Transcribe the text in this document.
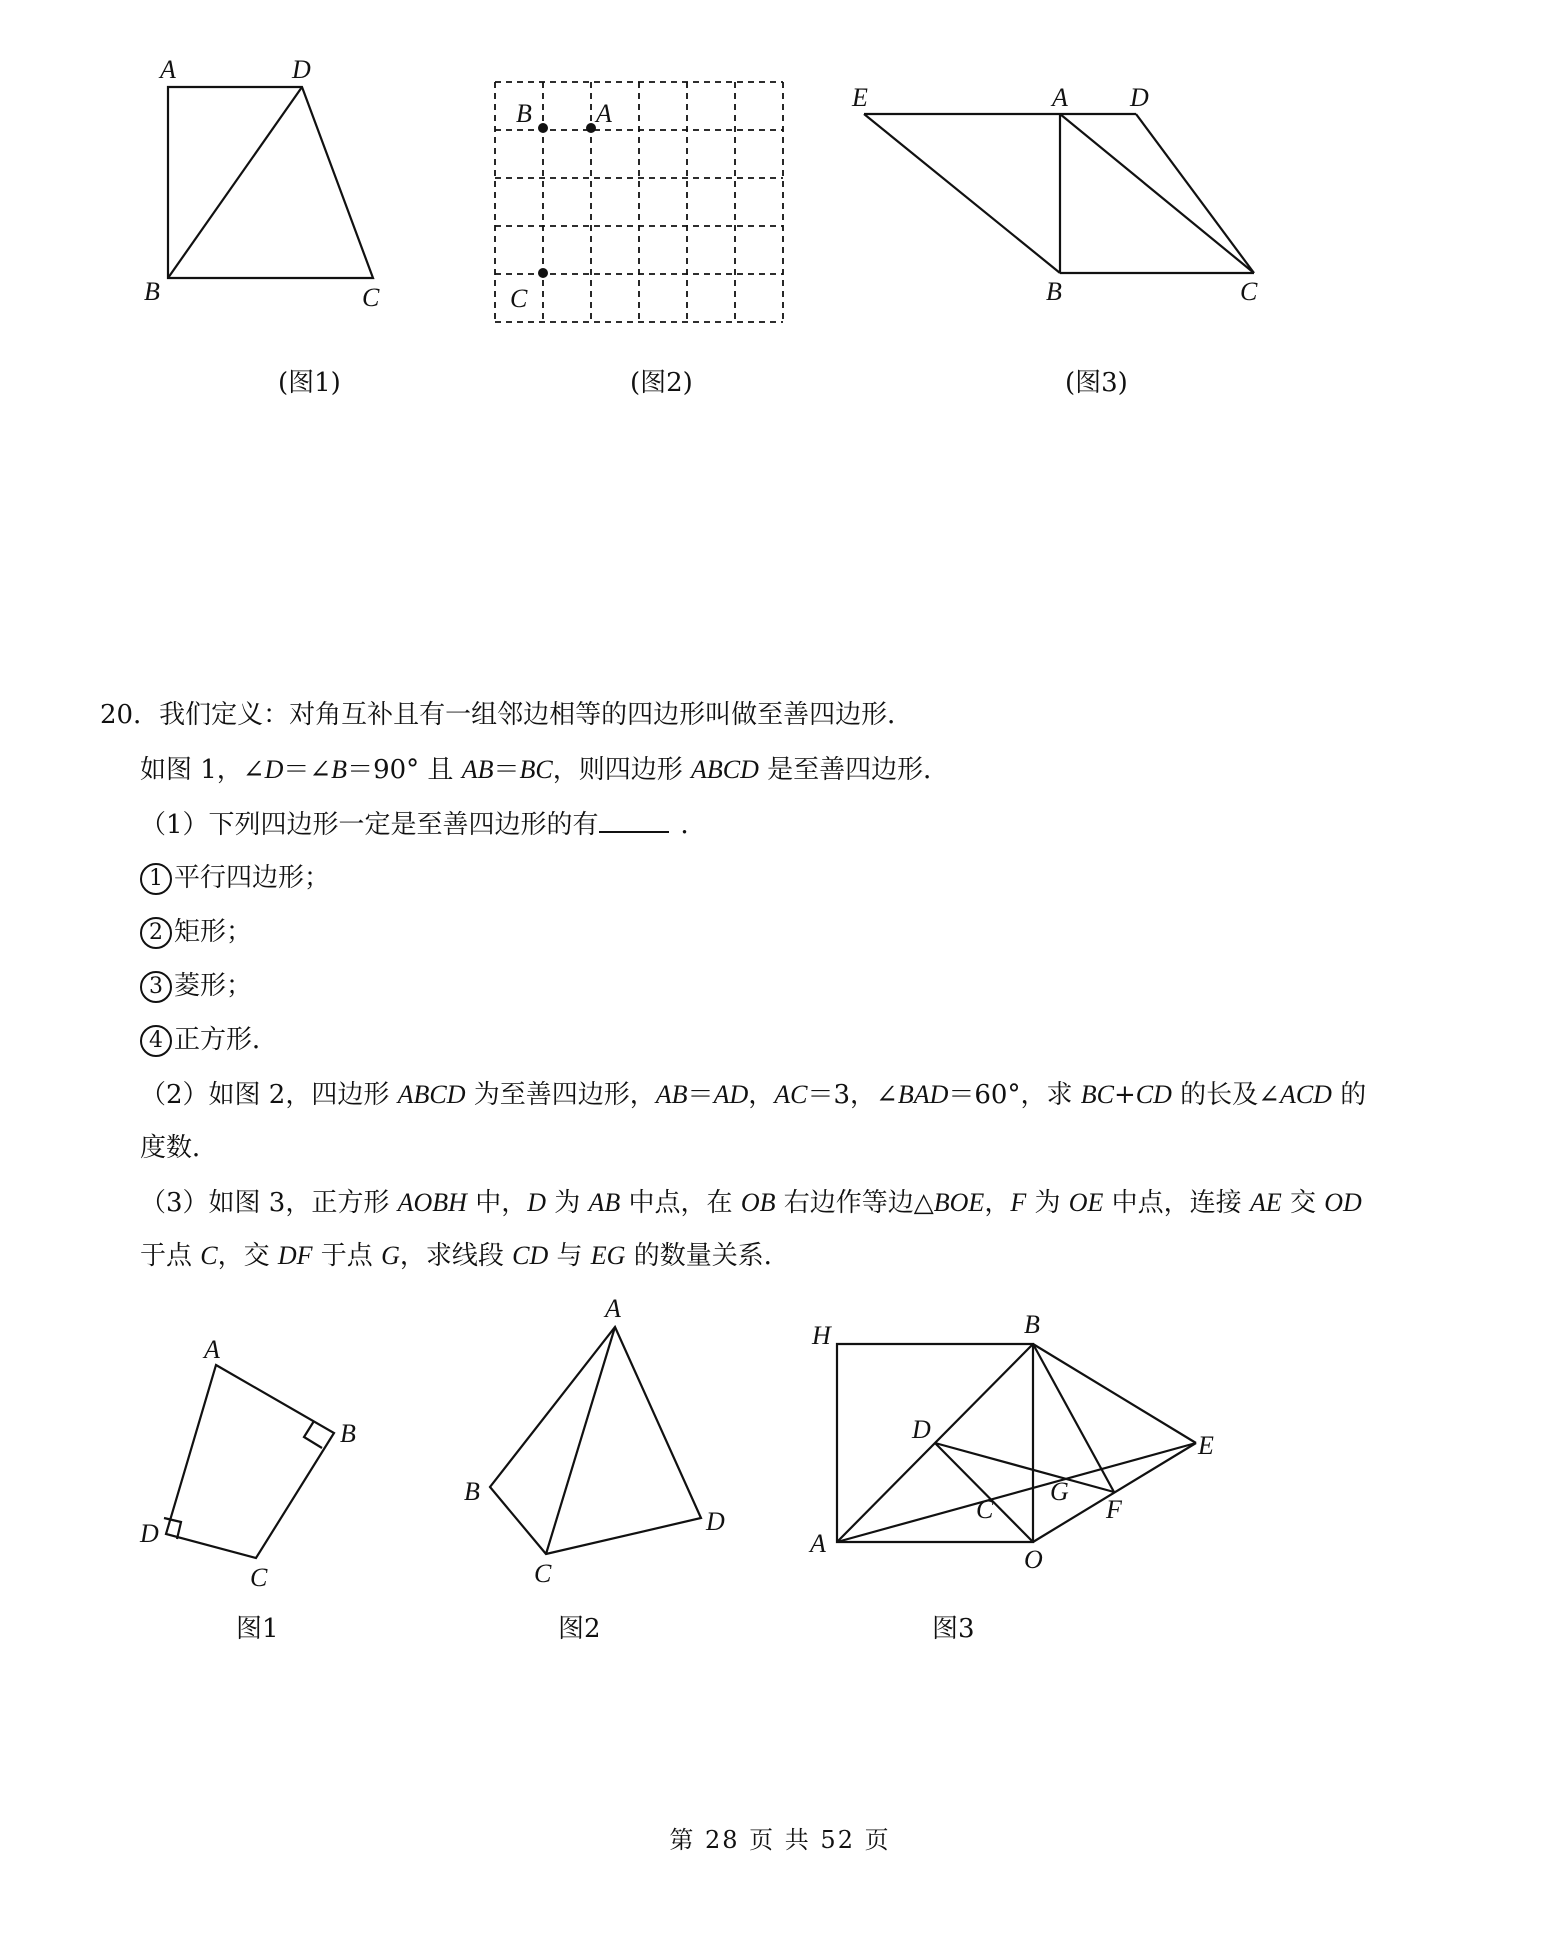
A	D
B	C
(图1)
B A
C
(图2)
E	A D
B	C
(图3)
20．我们定义：对角互补且有一组邻边相等的四边形叫做至善四边形．
如图 1，∠D＝∠B＝90° 且 AB＝BC，则四边形 ABCD 是至善四边形．
（1）下列四边形一定是至善四边形的有	．
1 平行四边形；
2 矩形；
3 菱形；
4 正方形．
（2）如图 2，四边形 ABCD 为至善四边形，AB＝AD，AC＝3，∠BAD＝60°，求 BC+CD 的长及∠ACD 的
度数．
（3）如图 3，正方形 AOBH 中，D 为 AB 中点，在 OB 右边作等边△BOE，F 为 OE 中点，连接 AE 交 OD
于点 C，交 DF 于点 G，求线段 CD 与 EG 的数量关系．
A
B
C
D
图1
A
B
C
D
图2
H	B
D
E
G
F
C
A
O
图3
第 28 页 共 52 页
